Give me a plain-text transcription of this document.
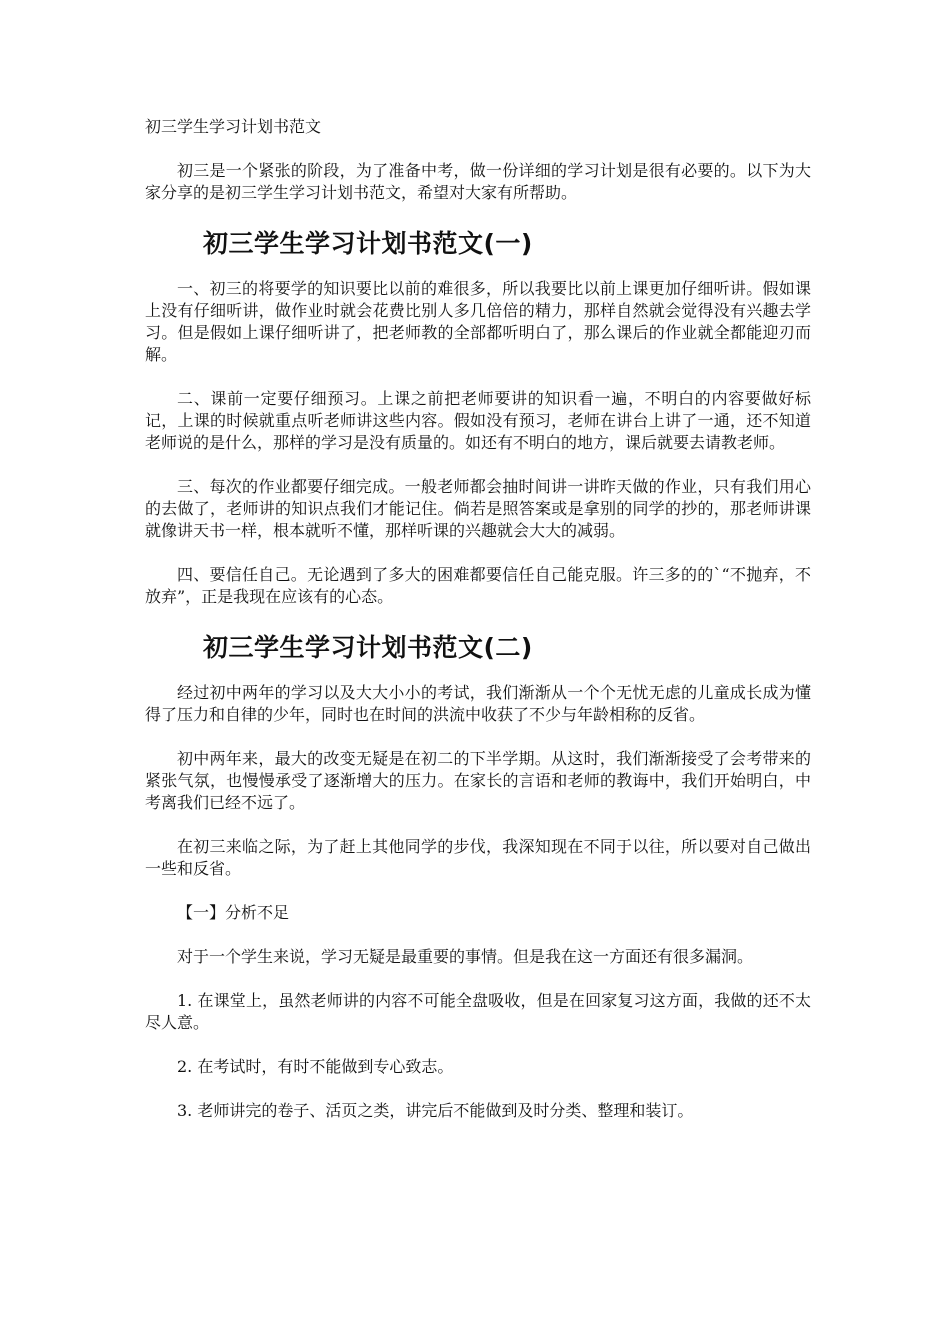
初三学生学习计划书范文

初三是一个紧张的阶段，为了准备中考，做一份详细的学习计划是很有必要的。以下为大家分享的是初三学生学习计划书范文，希望对大家有所帮助。

初三学生学习计划书范文(一)

一、初三的将要学的知识要比以前的难很多，所以我要比以前上课更加仔细听讲。假如课上没有仔细听讲，做作业时就会花费比别人多几倍倍的精力，那样自然就会觉得没有兴趣去学习。但是假如上课仔细听讲了，把老师教的全部都听明白了，那么课后的作业就全都能迎刃而解。

二、课前一定要仔细预习。上课之前把老师要讲的知识看一遍，不明白的内容要做好标记，上课的时候就重点听老师讲这些内容。假如没有预习，老师在讲台上讲了一通，还不知道老师说的是什么，那样的学习是没有质量的。如还有不明白的地方，课后就要去请教老师。

三、每次的作业都要仔细完成。一般老师都会抽时间讲一讲昨天做的作业，只有我们用心的去做了，老师讲的知识点我们才能记住。倘若是照答案或是拿别的同学的抄的，那老师讲课就像讲天书一样，根本就听不懂，那样听课的兴趣就会大大的减弱。

四、要信任自己。无论遇到了多大的困难都要信任自己能克服。许三多的的`“不抛弃，不放弃”，正是我现在应该有的心态。

初三学生学习计划书范文(二)

经过初中两年的学习以及大大小小的考试，我们渐渐从一个个无忧无虑的儿童成长成为懂得了压力和自律的少年，同时也在时间的洪流中收获了不少与年龄相称的反省。

初中两年来，最大的改变无疑是在初二的下半学期。从这时，我们渐渐接受了会考带来的紧张气氛，也慢慢承受了逐渐增大的压力。在家长的言语和老师的教诲中，我们开始明白，中考离我们已经不远了。

在初三来临之际，为了赶上其他同学的步伐，我深知现在不同于以往，所以要对自己做出一些和反省。

【一】分析不足

对于一个学生来说，学习无疑是最重要的事情。但是我在这一方面还有很多漏洞。

1. 在课堂上，虽然老师讲的内容不可能全盘吸收，但是在回家复习这方面，我做的还不太尽人意。

2. 在考试时，有时不能做到专心致志。

3. 老师讲完的卷子、活页之类，讲完后不能做到及时分类、整理和装订。
